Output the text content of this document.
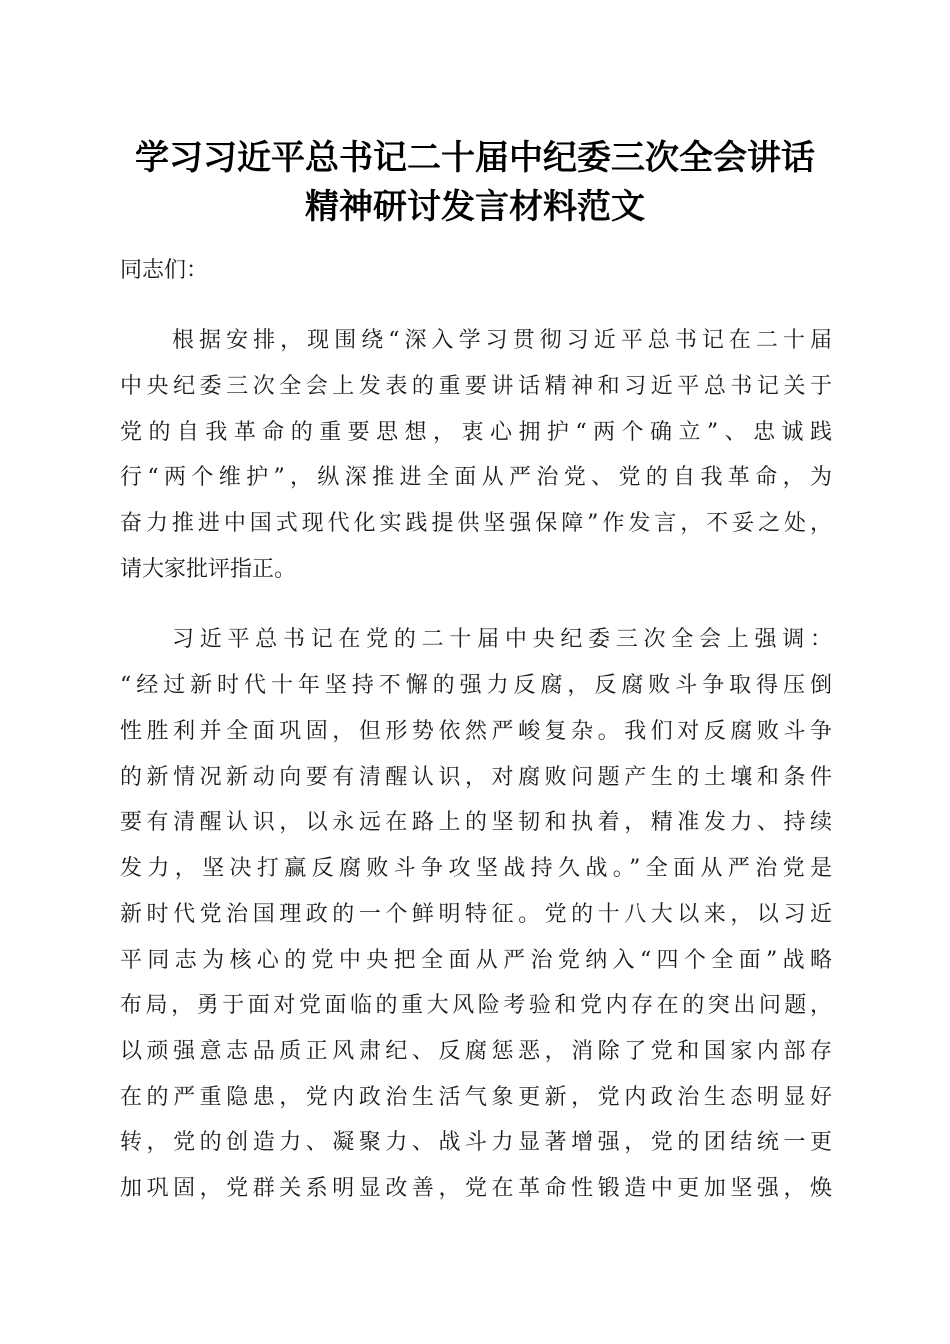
学习习近平总书记二十届中纪委三次全会讲话
精神研讨发言材料范文
同志们：
根据安排，现围绕“深入学习贯彻习近平总书记在二十届
中央纪委三次全会上发表的重要讲话精神和习近平总书记关于
党的自我革命的重要思想，衷心拥护“两个确立”、忠诚践
行“两个维护”，纵深推进全面从严治党、党的自我革命，为
奋力推进中国式现代化实践提供坚强保障”作发言，不妥之处，
请大家批评指正。
习近平总书记在党的二十届中央纪委三次全会上强调：
“经过新时代十年坚持不懈的强力反腐，反腐败斗争取得压倒
性胜利并全面巩固，但形势依然严峻复杂。我们对反腐败斗争
的新情况新动向要有清醒认识，对腐败问题产生的土壤和条件
要有清醒认识，以永远在路上的坚韧和执着，精准发力、持续
发力，坚决打赢反腐败斗争攻坚战持久战。”全面从严治党是
新时代党治国理政的一个鲜明特征。党的十八大以来，以习近
平同志为核心的党中央把全面从严治党纳入“四个全面”战略
布局，勇于面对党面临的重大风险考验和党内存在的突出问题，
以顽强意志品质正风肃纪、反腐惩恶，消除了党和国家内部存
在的严重隐患，党内政治生活气象更新，党内政治生态明显好
转，党的创造力、凝聚力、战斗力显著增强，党的团结统一更
加巩固，党群关系明显改善，党在革命性锻造中更加坚强，焕
